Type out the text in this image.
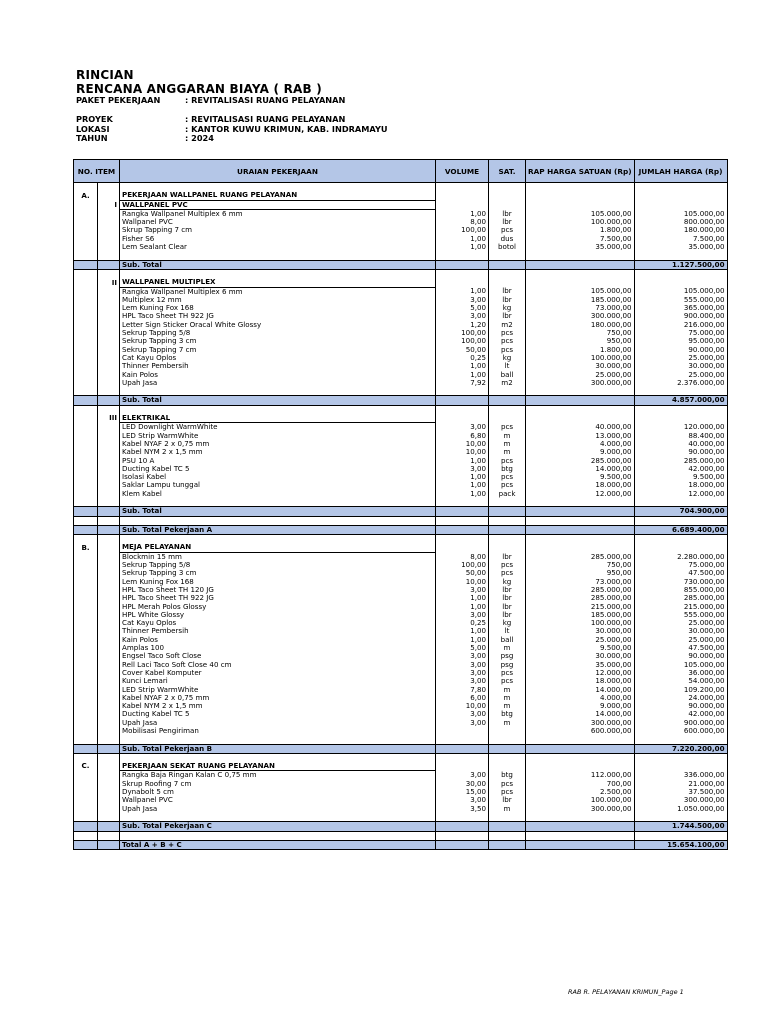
RINCIAN
RENCANA ANGGARAN BIAYA ( RAB )
PAKET PEKERJAAN	: REVITALISASI RUANG PELAYANAN
PROYEK	: REVITALISASI RUANG PELAYANAN
LOKASI	: KANTOR KUWU KRIMUN, KAB. INDRAMAYU
TAHUN	: 2024
NO. ITEM		URAIAN PEKERJAAN	VOLUME	SAT.	RAP HARGA SATUAN (Rp)	JUMLAH HARGA (Rp)

A.		PEKERJAAN WALLPANEL RUANG PELAYANAN				
	I	WALLPANEL PVC				
		Rangka Wallpanel Multiplex 6 mm	1,00	lbr	105.000,00	105.000,00
		Wallpanel PVC	8,00	lbr	100.000,00	800.000,00
		Skrup Tapping 7 cm	100,00	pcs	1.800,00	180.000,00
		Fisher S6	1,00	dus	7.500,00	7.500,00
		Lem Sealant Clear	1,00	botol	35.000,00	35.000,00

		Sub. Total				1.127.500,00

	II	WALLPANEL MULTIPLEX				
		Rangka Wallpanel Multiplex 6 mm	1,00	lbr	105.000,00	105.000,00
		Multiplex 12 mm	3,00	lbr	185.000,00	555.000,00
		Lem Kuning Fox 168	5,00	kg	73.000,00	365.000,00
		HPL Taco Sheet TH 922 JG	3,00	lbr	300.000,00	900.000,00
		Letter Sign Sticker Oracal White Glossy	1,20	m2	180.000,00	216.000,00
		Sekrup Tapping 5/8	100,00	pcs	750,00	75.000,00
		Sekrup Tapping 3 cm	100,00	pcs	950,00	95.000,00
		Sekrup Tapping 7 cm	50,00	pcs	1.800,00	90.000,00
		Cat Kayu Oplos	0,25	kg	100.000,00	25.000,00
		Thinner Pembersih	1,00	lt	30.000,00	30.000,00
		Kain Polos	1,00	ball	25.000,00	25.000,00
		Upah Jasa	7,92	m2	300.000,00	2.376.000,00

		Sub. Total				4.857.000,00

	III	ELEKTRIKAL				
		LED Downlight WarmWhite	3,00	pcs	40.000,00	120.000,00
		LED Strip WarmWhite	6,80	m	13.000,00	88.400,00
		Kabel NYAF 2 x 0,75 mm	10,00	m	4.000,00	40.000,00
		Kabel NYM 2 x 1,5 mm	10,00	m	9.000,00	90.000,00
		PSU 10 A	1,00	pcs	285.000,00	285.000,00
		Ducting Kabel TC 5	3,00	btg	14.000,00	42.000,00
		Isolasi Kabel	1,00	pcs	9.500,00	9.500,00
		Saklar Lampu tunggal	1,00	pcs	18.000,00	18.000,00
		Klem Kabel	1,00	pack	12.000,00	12.000,00

		Sub. Total				704.900,00

		Sub. Total Pekerjaan A				6.689.400,00

B.		MEJA PELAYANAN				
		Blockmin 15 mm	8,00	lbr	285.000,00	2.280.000,00
		Sekrup Tapping 5/8	100,00	pcs	750,00	75.000,00
		Sekrup Tapping 3 cm	50,00	pcs	950,00	47.500,00
		Lem Kuning Fox 168	10,00	kg	73.000,00	730.000,00
		HPL Taco Sheet TH 120 JG	3,00	lbr	285.000,00	855.000,00
		HPL Taco Sheet TH 922 JG	1,00	lbr	285.000,00	285.000,00
		HPL Merah Polos Glossy	1,00	lbr	215.000,00	215.000,00
		HPL White Glossy	3,00	lbr	185.000,00	555.000,00
		Cat Kayu Oplos	0,25	kg	100.000,00	25.000,00
		Thinner Pembersih	1,00	lt	30.000,00	30.000,00
		Kain Polos	1,00	ball	25.000,00	25.000,00
		Amplas 100	5,00	m	9.500,00	47.500,00
		Engsel Taco Soft Close	3,00	psg	30.000,00	90.000,00
		Rell Laci Taco Soft Close 40 cm	3,00	psg	35.000,00	105.000,00
		Cover Kabel Komputer	3,00	pcs	12.000,00	36.000,00
		Kunci Lemari	3,00	pcs	18.000,00	54.000,00
		LED Strip WarmWhite	7,80	m	14.000,00	109.200,00
		Kabel NYAF 2 x 0,75 mm	6,00	m	4.000,00	24.000,00
		Kabel NYM 2 x 1,5 mm	10,00	m	9.000,00	90.000,00
		Ducting Kabel TC 5	3,00	btg	14.000,00	42.000,00
		Upah Jasa	3,00	m	300.000,00	900.000,00
		Mobilisasi Pengiriman			600.000,00	600.000,00

		Sub. Total Pekerjaan B				7.220.200,00

C.		PEKERJAAN SEKAT RUANG PELAYANAN				
		Rangka Baja Ringan Kalan C 0,75 mm	3,00	btg	112.000,00	336.000,00
		Skrup Roofing 7 cm	30,00	pcs	700,00	21.000,00
		Dynabolt 5 cm	15,00	pcs	2.500,00	37.500,00
		Wallpanel PVC	3,00	lbr	100.000,00	300.000,00
		Upah Jasa	3,50	m	300.000,00	1.050.000,00

		Sub. Total Pekerjaan C				1.744.500,00

		Total A + B + C				15.654.100,00
RAB R. PELAYANAN KRIMUN_Page 1
